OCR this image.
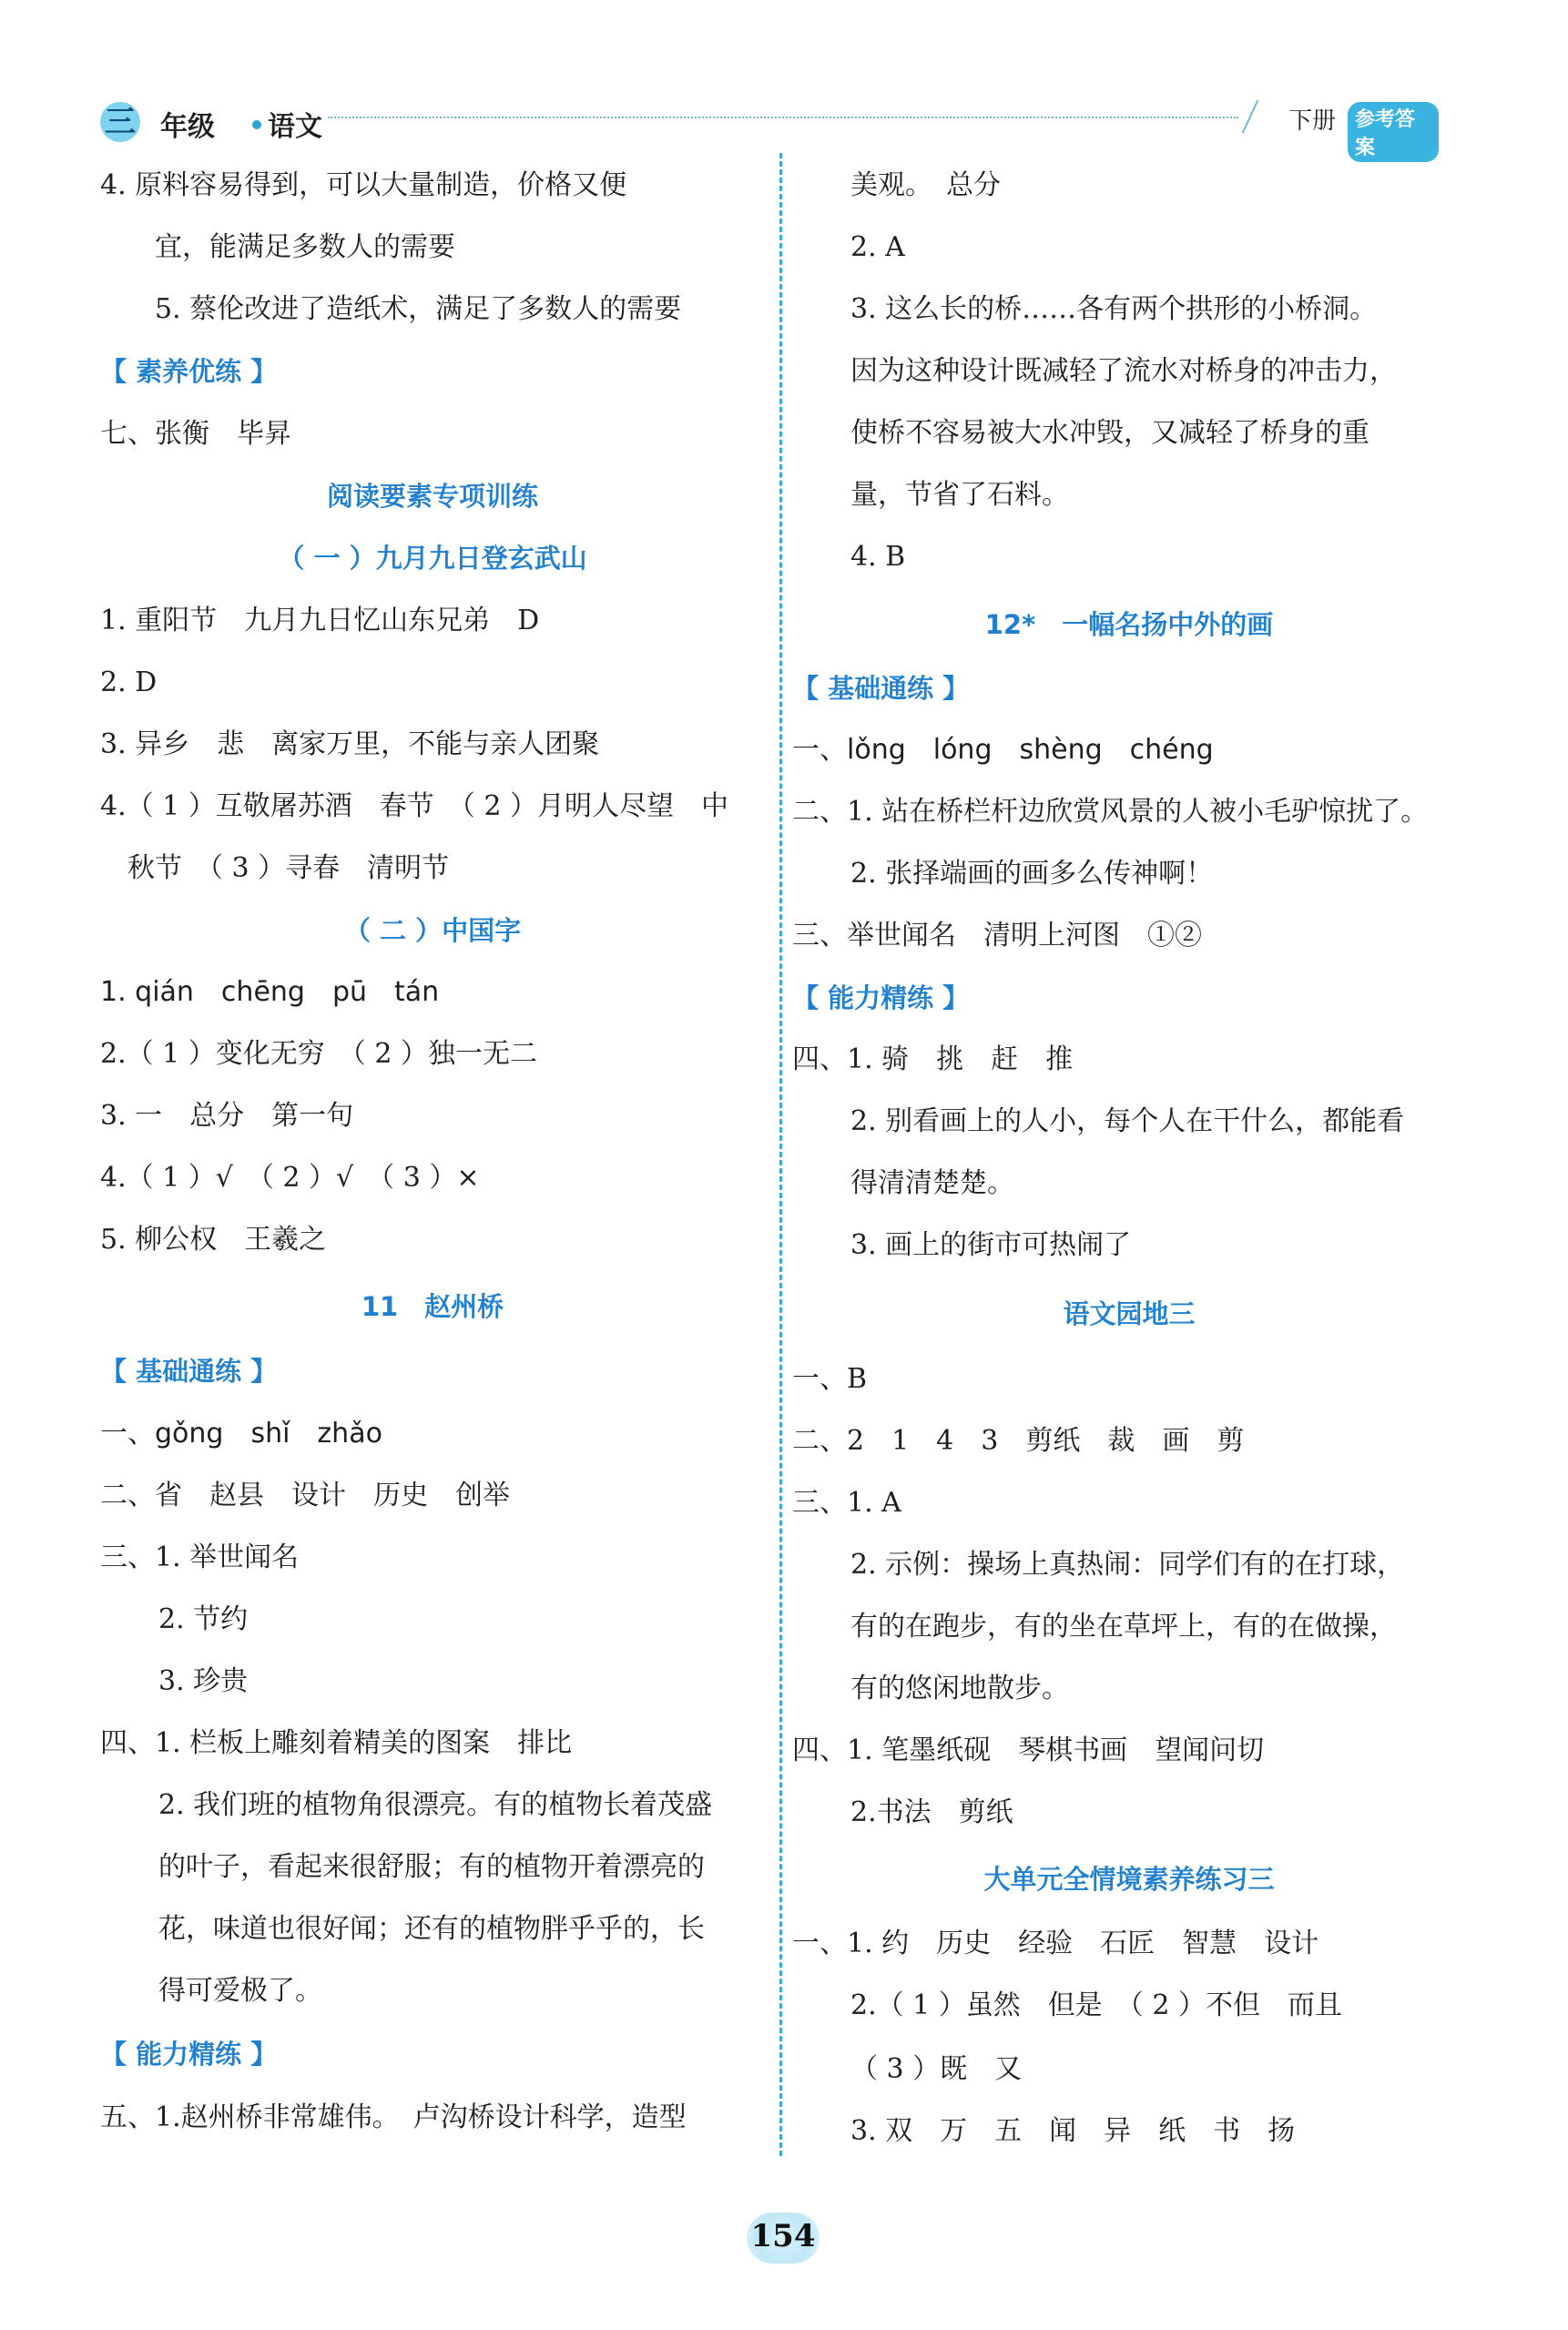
三 年级 语文	下册 参考答案
4. 原料容易得到，可以大量制造，价格又便
宜，能满足多数人的需要
5. 蔡伦改进了造纸术，满足了多数人的需要
【 素养优练 】
七、张衡　毕昇
阅读要素专项训练
（ 一 ）九月九日登玄武山
1. 重阳节　九月九日忆山东兄弟　D
2. D
3. 异乡　悲　离家万里，不能与亲人团聚
4.（ 1 ）互敬屠苏酒　春节　（ 2 ）月明人尽望　中
秋节　（ 3 ）寻春　清明节
（ 二 ）中国字
1. qián　chēng　pū　tán
2.（ 1 ）变化无穷　（ 2 ）独一无二
3. 一　总分　第一句
4.（ 1 ）√　（ 2 ）√　（ 3 ）×
5. 柳公权　王羲之
11　赵州桥
【 基础通练 】
一、gǒng　shǐ　zhǎo
二、省　赵县　设计　历史　创举
三、1. 举世闻名
2. 节约
3. 珍贵
四、1. 栏板上雕刻着精美的图案　排比
2. 我们班的植物角很漂亮。有的植物长着茂盛
的叶子，看起来很舒服；有的植物开着漂亮的
花，味道也很好闻；还有的植物胖乎乎的，长
得可爱极了。
【 能力精练 】
五、1.赵州桥非常雄伟。　卢沟桥设计科学，造型
美观。　总分
2. A
3. 这么长的桥……各有两个拱形的小桥洞。
因为这种设计既减轻了流水对桥身的冲击力，
使桥不容易被大水冲毁，又减轻了桥身的重
量，节省了石料。
4. B
12*　一幅名扬中外的画
【 基础通练 】
一、lǒng　lóng　shèng　chéng
二、1. 站在桥栏杆边欣赏风景的人被小毛驴惊扰了。
2. 张择端画的画多么传神啊！
三、举世闻名　清明上河图　①②
【 能力精练 】
四、1. 骑　挑　赶　推
2. 别看画上的人小，每个人在干什么，都能看
得清清楚楚。
3. 画上的街市可热闹了
语文园地三
一、B
二、2　1　4　3　剪纸　裁　画　剪
三、1. A
2. 示例：操场上真热闹：同学们有的在打球，
有的在跑步，有的坐在草坪上，有的在做操，
有的悠闲地散步。
四、1. 笔墨纸砚　琴棋书画　望闻问切
2.书法　剪纸
大单元全情境素养练习三
一、1. 约　历史　经验　石匠　智慧　设计
2.（ 1 ）虽然　但是　（ 2 ）不但　而且
（ 3 ）既　又
3. 双　万　五　闻　异　纸　书　扬
154
